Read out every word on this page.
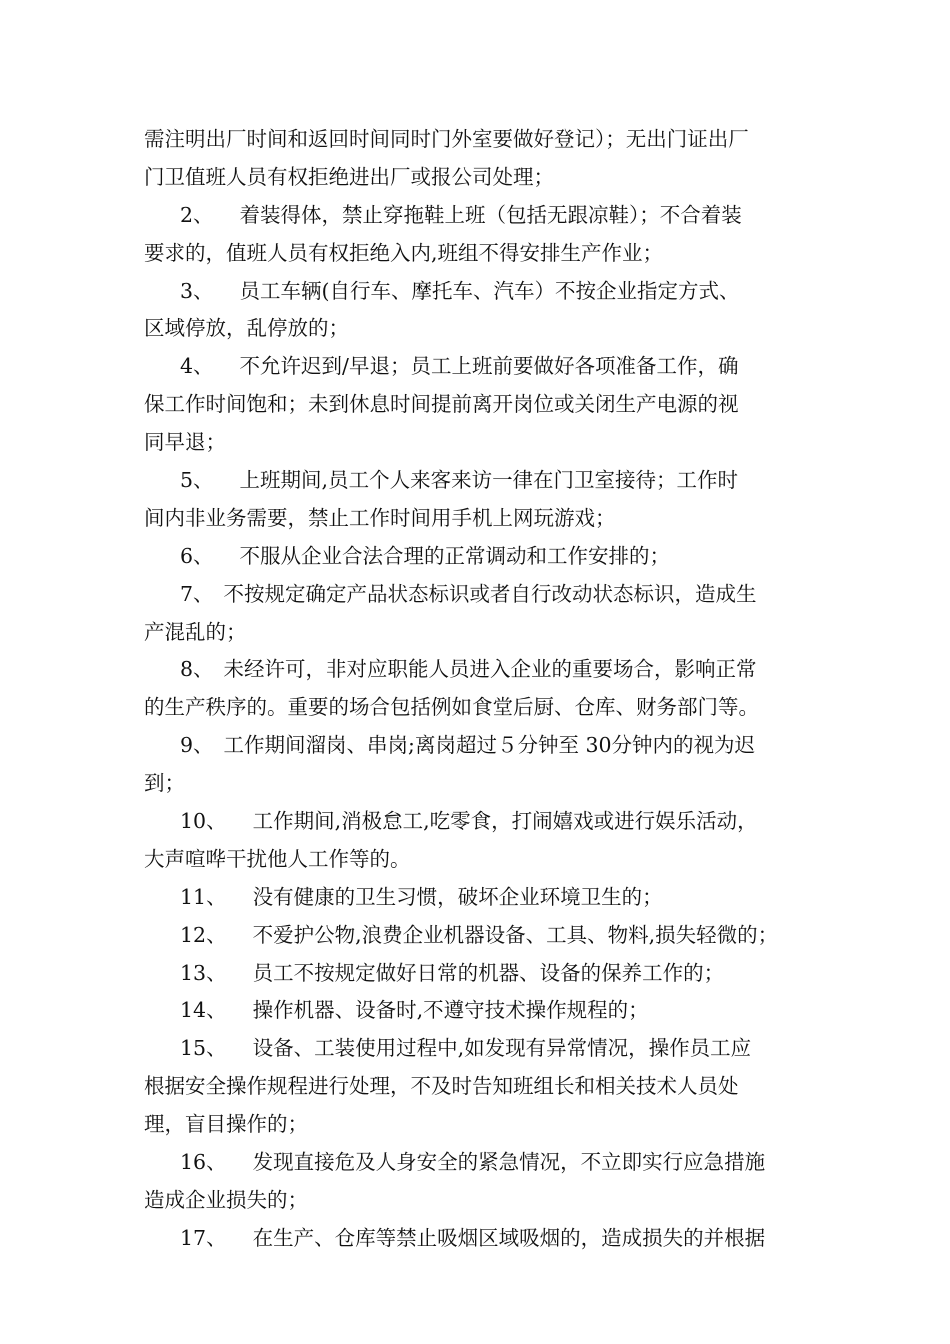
需注明出厂时间和返回时间同时门外室要做好登记）；无出门证出厂
门卫值班人员有权拒绝进出厂或报公司处理；
2、 着装得体，禁止穿拖鞋上班（包括无跟凉鞋）；不合着装
要求的，值班人员有权拒绝入内,班组不得安排生产作业；
3、 员工车辆(自行车、摩托车、汽车）不按企业指定方式、
区域停放，乱停放的；
4、 不允许迟到/早退；员工上班前要做好各项准备工作，确
保工作时间饱和；未到休息时间提前离开岗位或关闭生产电源的视
同早退；
5、 上班期间,员工个人来客来访一律在门卫室接待；工作时
间内非业务需要，禁止工作时间用手机上网玩游戏；
6、 不服从企业合法合理的正常调动和工作安排的；
7、 不按规定确定产品状态标识或者自行改动状态标识，造成生
产混乱的；
8、 未经许可，非对应职能人员进入企业的重要场合，影响正常
的生产秩序的。重要的场合包括例如食堂后厨、仓库、财务部门等。
9、 工作期间溜岗、串岗;离岗超过５分钟至 30分钟内的视为迟
到；
10、 工作期间,消极怠工,吃零食，打闹嬉戏或进行娱乐活动，
大声喧哗干扰他人工作等的。
11、 没有健康的卫生习惯，破坏企业环境卫生的；
12、 不爱护公物,浪费企业机器设备、工具、物料,损失轻微的；
13、 员工不按规定做好日常的机器、设备的保养工作的；
14、 操作机器、设备时,不遵守技术操作规程的；
15、 设备、工装使用过程中,如发现有异常情况，操作员工应
根据安全操作规程进行处理，不及时告知班组长和相关技术人员处
理，盲目操作的；
16、 发现直接危及人身安全的紧急情况，不立即实行应急措施
造成企业损失的；
17、 在生产、仓库等禁止吸烟区域吸烟的，造成损失的并根据
